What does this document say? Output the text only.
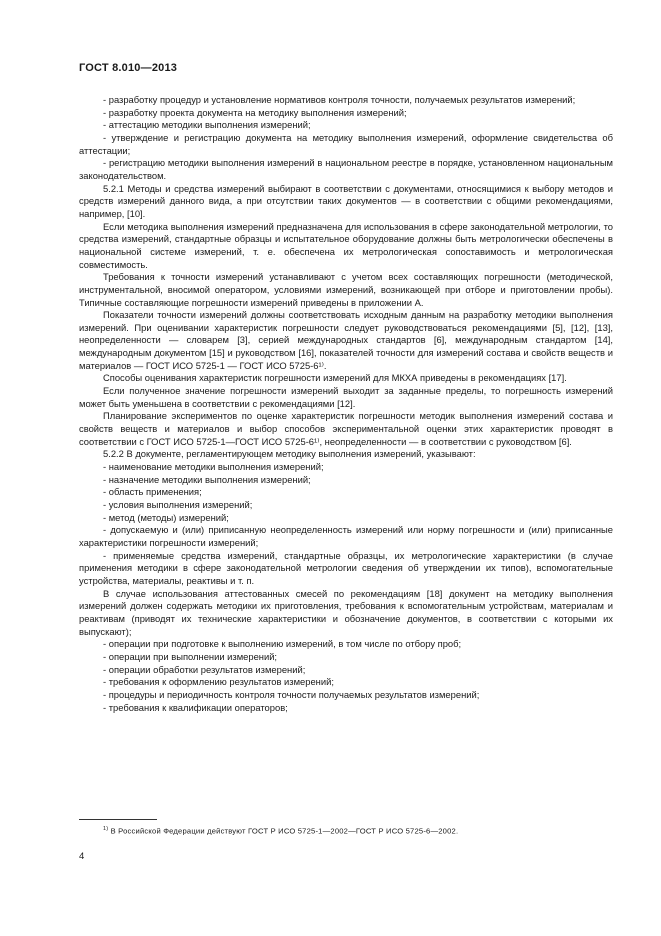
ГОСТ 8.010—2013

- разработку процедур и установление нормативов контроля точности, получаемых результатов измерений;

- разработку проекта документа на методику выполнения измерений;

- аттестацию методики выполнения измерений;

- утверждение и регистрацию документа на методику выполнения измерений, оформление свидетельства об аттестации;

- регистрацию методики выполнения измерений в национальном реестре в порядке, установленном национальным законодательством.

5.2.1 Методы и средства измерений выбирают в соответствии с документами, относящимися к выбору методов и средств измерений данного вида, а при отсутствии таких документов — в соответствии с общими рекомендациями, например, [10].

Если методика выполнения измерений предназначена для использования в сфере законодательной метрологии, то средства измерений, стандартные образцы и испытательное оборудование должны быть метрологически обеспечены в национальной системе измерений, т. е. обеспечена их метрологическая сопоставимость и метрологическая совместимость.

Требования к точности измерений устанавливают с учетом всех составляющих погрешности (методической, инструментальной, вносимой оператором, условиями измерений, возникающей при отборе и приготовлении пробы). Типичные составляющие погрешности измерений приведены в приложении А.

Показатели точности измерений должны соответствовать исходным данным на разработку методики выполнения измерений. При оценивании характеристик погрешности следует руководствоваться рекомендациями [5], [12], [13], неопределенности — словарем [3], серией международных стандартов [6], международным стандартом [14], международным документом [15] и руководством [16], показателей точности для измерений состава и свойств веществ и материалов — ГОСТ ИСО 5725-1 — ГОСТ ИСО 5725-6¹⁾.

Способы оценивания характеристик погрешности измерений для МКХА приведены в рекомендациях [17].

Если полученное значение погрешности измерений выходит за заданные пределы, то погрешность измерений может быть уменьшена в соответствии с рекомендациями [12].

Планирование экспериментов по оценке характеристик погрешности методик выполнения измерений состава и свойств веществ и материалов и выбор способов экспериментальной оценки этих характеристик проводят в соответствии с ГОСТ ИСО 5725-1—ГОСТ ИСО 5725-6¹⁾, неопределенности — в соответствии с руководством [6].

5.2.2 В документе, регламентирующем методику выполнения измерений, указывают:

- наименование методики выполнения измерений;

- назначение методики выполнения измерений;

- область применения;

- условия выполнения измерений;

- метод (методы) измерений;

- допускаемую и (или) приписанную неопределенность измерений или норму погрешности и (или) приписанные характеристики погрешности измерений;

- применяемые средства измерений, стандартные образцы, их метрологические характеристики (в случае применения методики в сфере законодательной метрологии сведения об утверждении их типов), вспомогательные устройства, материалы, реактивы и т. п.

В случае использования аттестованных смесей по рекомендациям [18] документ на методику выполнения измерений должен содержать методики их приготовления, требования к вспомогательным устройствам, материалам и реактивам (приводят их технические характеристики и обозначение документов, в соответствии с которыми их выпускают);

- операции при подготовке к выполнению измерений, в том числе по отбору проб;

- операции при выполнении измерений;

- операции обработки результатов измерений;

- требования к оформлению результатов измерений;

- процедуры и периодичность контроля точности получаемых результатов измерений;

- требования к квалификации операторов;

$^{1)}$ В Российской Федерации действуют ГОСТ Р ИСО 5725-1—2002—ГОСТ Р ИСО 5725-6—2002.
4
